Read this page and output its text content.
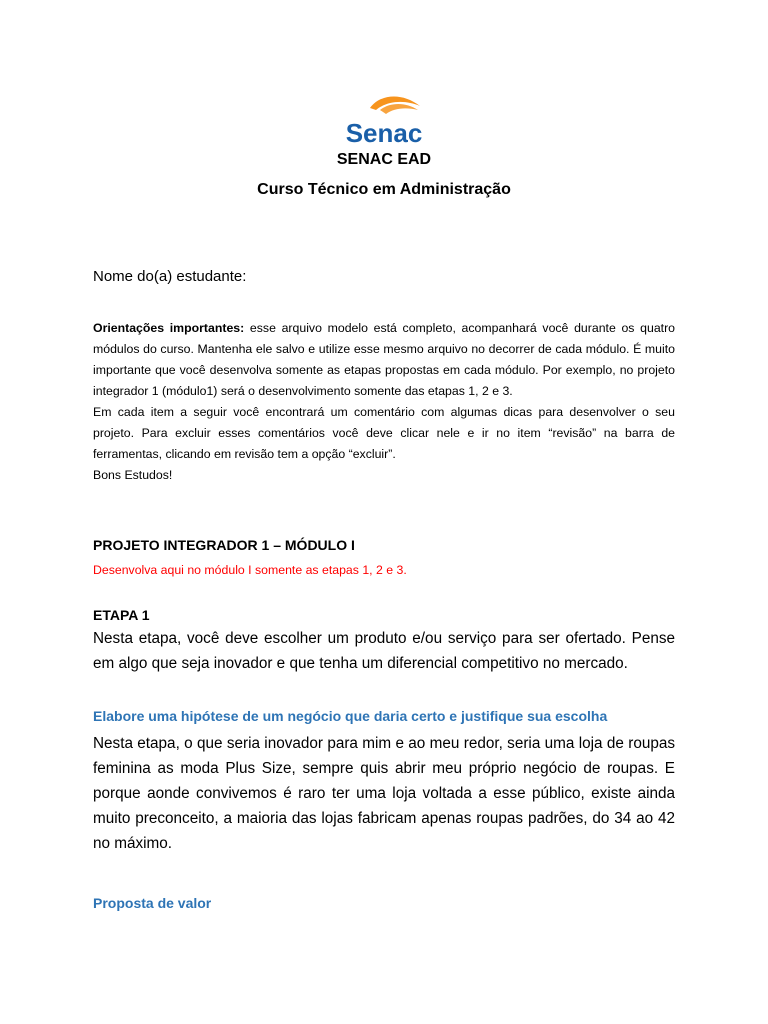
Senac

SENAC EAD

Curso Técnico em Administração

Nome do(a) estudante:

Orientações importantes: esse arquivo modelo está completo, acompanhará você durante os quatro módulos do curso. Mantenha ele salvo e utilize esse mesmo arquivo no decorrer de cada módulo. É muito importante que você desenvolva somente as etapas propostas em cada módulo. Por exemplo, no projeto integrador 1 (módulo1) será o desenvolvimento somente das etapas 1, 2 e 3.

Em cada item a seguir você encontrará um comentário com algumas dicas para desenvolver o seu projeto. Para excluir esses comentários você deve clicar nele e ir no item “revisão” na barra de ferramentas, clicando em revisão tem a opção “excluir”.

Bons Estudos!

PROJETO INTEGRADOR 1 – MÓDULO I

Desenvolva aqui no módulo I somente as etapas 1, 2 e 3.

ETAPA 1

Nesta etapa, você deve escolher um produto e/ou serviço para ser ofertado. Pense em algo que seja inovador e que tenha um diferencial competitivo no mercado.

Elabore uma hipótese de um negócio que daria certo e justifique sua escolha

Nesta etapa, o que seria inovador para mim e ao meu redor, seria uma loja de roupas feminina as moda Plus Size, sempre quis abrir meu próprio negócio de roupas. E porque aonde convivemos é raro ter uma loja voltada a esse público, existe ainda muito preconceito, a maioria das lojas fabricam apenas roupas padrões, do 34 ao 42 no máximo.

Proposta de valor
